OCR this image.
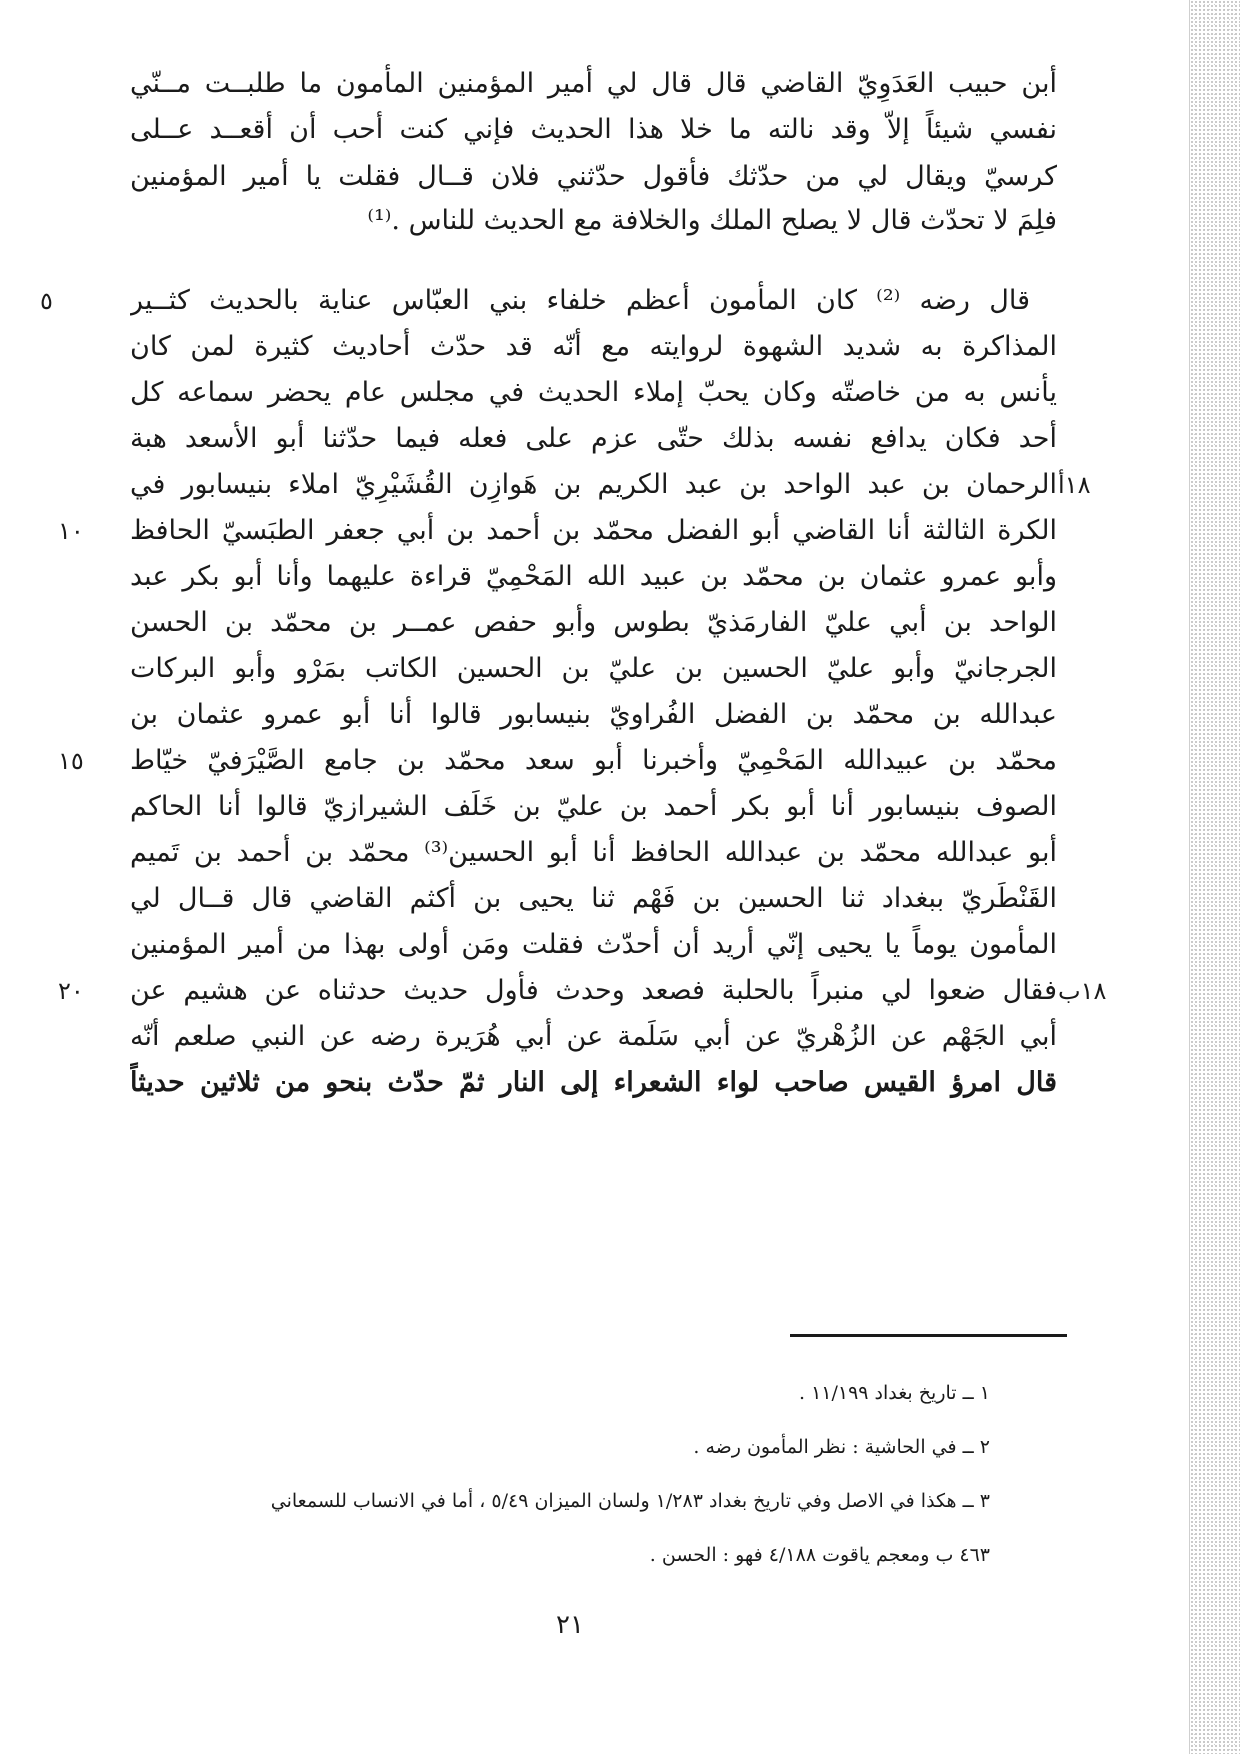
أبن حبيب العَدَوِيّ القاضي قال قال لي أمير المؤمنين المأمون ما طلبــت مــنّي
نفسي شيئاً إلاّ وقد نالته ما خلا هذا الحديث فإني كنت أحب أن أقعــد عــلى
كرسيّ ويقال لي من حدّثك فأقول حدّثني فلان قــال فقلت يا أمير المؤمنين
فلِمَ لا تحدّث قال لا يصلح الملك والخلافة مع الحديث للناس .⁽¹⁾
قال رضه ⁽²⁾ كان المأمون أعظم خلفاء بني العبّاس عناية بالحديث كثــير
المذاكرة به شديد الشهوة لروايته مع أنّه قد حدّث أحاديث كثيرة لمن كان
يأنس به من خاصتّه وكان يحبّ إملاء الحديث في مجلس عام يحضر سماعه كل
أحد فكان يدافع نفسه بذلك حتّى عزم على فعله فيما حدّثنا أبو الأسعد هبة
الرحمان بن عبد الواحد بن عبد الكريم بن هَوازِن القُشَيْرِيّ املاء بنيسابور في
الكرة الثالثة أنا القاضي أبو الفضل محمّد بن أحمد بن أبي جعفر الطبَسيّ الحافظ
وأبو عمرو عثمان بن محمّد بن عبيد الله المَحْمِيّ قراءة عليهما وأنا أبو بكر عبد
الواحد بن أبي عليّ الفارمَذيّ بطوس وأبو حفص عمــر بن محمّد بن الحسن
الجرجانيّ وأبو عليّ الحسين بن عليّ بن الحسين الكاتب بمَرْو وأبو البركات
عبدالله بن محمّد بن الفضل الفُراويّ بنيسابور قالوا أنا أبو عمرو عثمان بن
محمّد بن عبيدالله المَحْمِيّ وأخبرنا أبو سعد محمّد بن جامع الصَّيْرَفيّ خيّاط
الصوف بنيسابور أنا أبو بكر أحمد بن عليّ بن خَلَف الشيرازيّ قالوا أنا الحاكم
أبو عبدالله محمّد بن عبدالله الحافظ أنا أبو الحسين⁽³⁾ محمّد بن أحمد بن تَميم
القَنْطَريّ ببغداد ثنا الحسين بن فَهْم ثنا يحيى بن أكثم القاضي قال قــال لي
المأمون يوماً يا يحيى إنّي أريد أن أحدّث فقلت ومَن أولى بهذا من أمير المؤمنين
فقال ضعوا لي منبراً بالحلبة فصعد وحدث فأول حديث حدثناه عن هشيم عن
أبي الجَهْم عن الزُهْريّ عن أبي سَلَمة عن أبي هُرَيرة رضه عن النبي صلعم أنّه
قال امرؤ القيس صاحب لواء الشعراء إلى النار ثمّ حدّث بنحو من ثلاثين حديثاً
١٨أ
١٨ب
٥
١٠
١٥
٢٠
١ ــ تاريخ بغداد ١١/١٩٩ .
٢ ــ في الحاشية : نظر المأمون رضه .
٣ ــ هكذا في الاصل وفي تاريخ بغداد ١/٢٨٣ ولسان الميزان ٥/٤٩ ، أما في الانساب للسمعاني
٤٦٣ ب ومعجم ياقوت ٤/١٨٨ فهو : الحسن .
٢١
